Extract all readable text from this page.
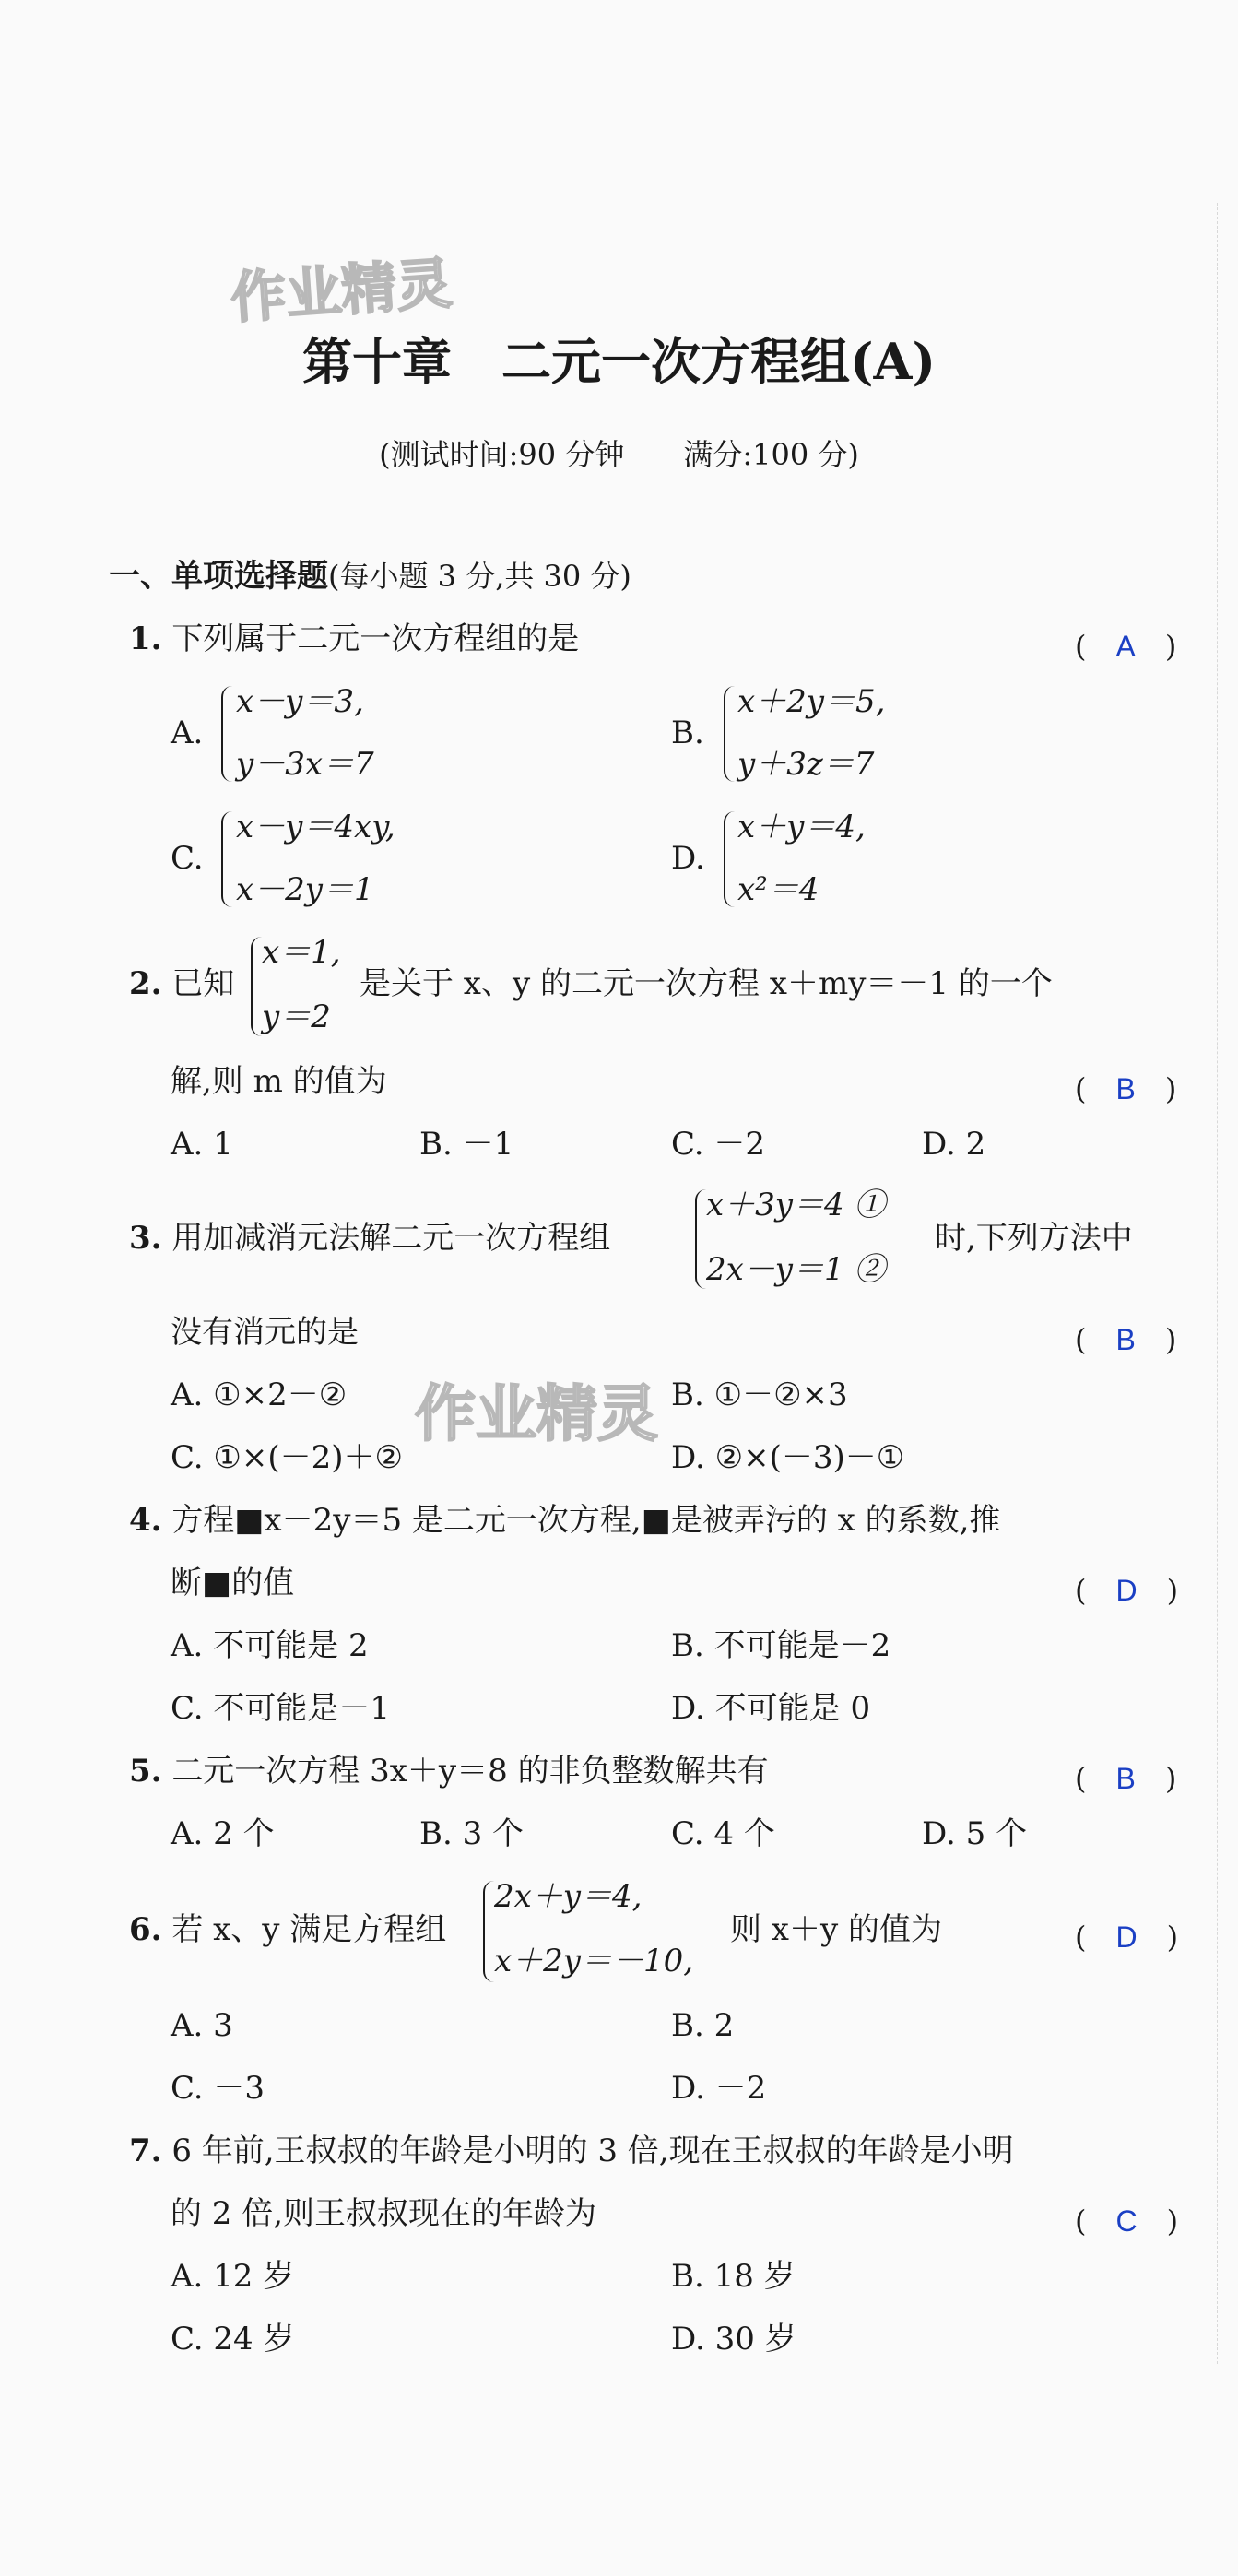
作业精灵
作业精灵
第十章　二元一次方程组(A)
(测试时间:90 分钟　　满分:100 分)
一、单项选择题(每小题 3 分,共 30 分)
1. 下列属于二元一次方程组的是	(　A　)
A.
x－y＝3,
y－3x＝7
B.
x＋2y＝5,
y＋3z＝7
C.
x－y＝4xy,
x－2y＝1
D.
x＋y＝4,
x²＝4
2. 已知
x＝1,
y＝2
是关于 x、y 的二元一次方程 x＋my＝－1 的一个
解,则 m 的值为	(　B　)
A. 1	B. －1	C. －2	D. 2
3. 用加减消元法解二元一次方程组
x＋3y＝4 ①
2x－y＝1 ②
时,下列方法中
没有消元的是	(　B　)
A. ①×2－②	B. ①－②×3
C. ①×(－2)＋②	D. ②×(－3)－①
4. 方程■x－2y＝5 是二元一次方程,■是被弄污的 x 的系数,推
断■的值	(　D　)
A. 不可能是 2	B. 不可能是－2
C. 不可能是－1	D. 不可能是 0
5. 二元一次方程 3x＋y＝8 的非负整数解共有	(　B　)
A. 2 个	B. 3 个	C. 4 个	D. 5 个
6. 若 x、y 满足方程组
2x＋y＝4,
x＋2y＝－10,
则 x＋y 的值为	(　D　)
A. 3	B. 2
C. －3	D. －2
7. 6 年前,王叔叔的年龄是小明的 3 倍,现在王叔叔的年龄是小明
的 2 倍,则王叔叔现在的年龄为	(　C　)
A. 12 岁	B. 18 岁
C. 24 岁	D. 30 岁
